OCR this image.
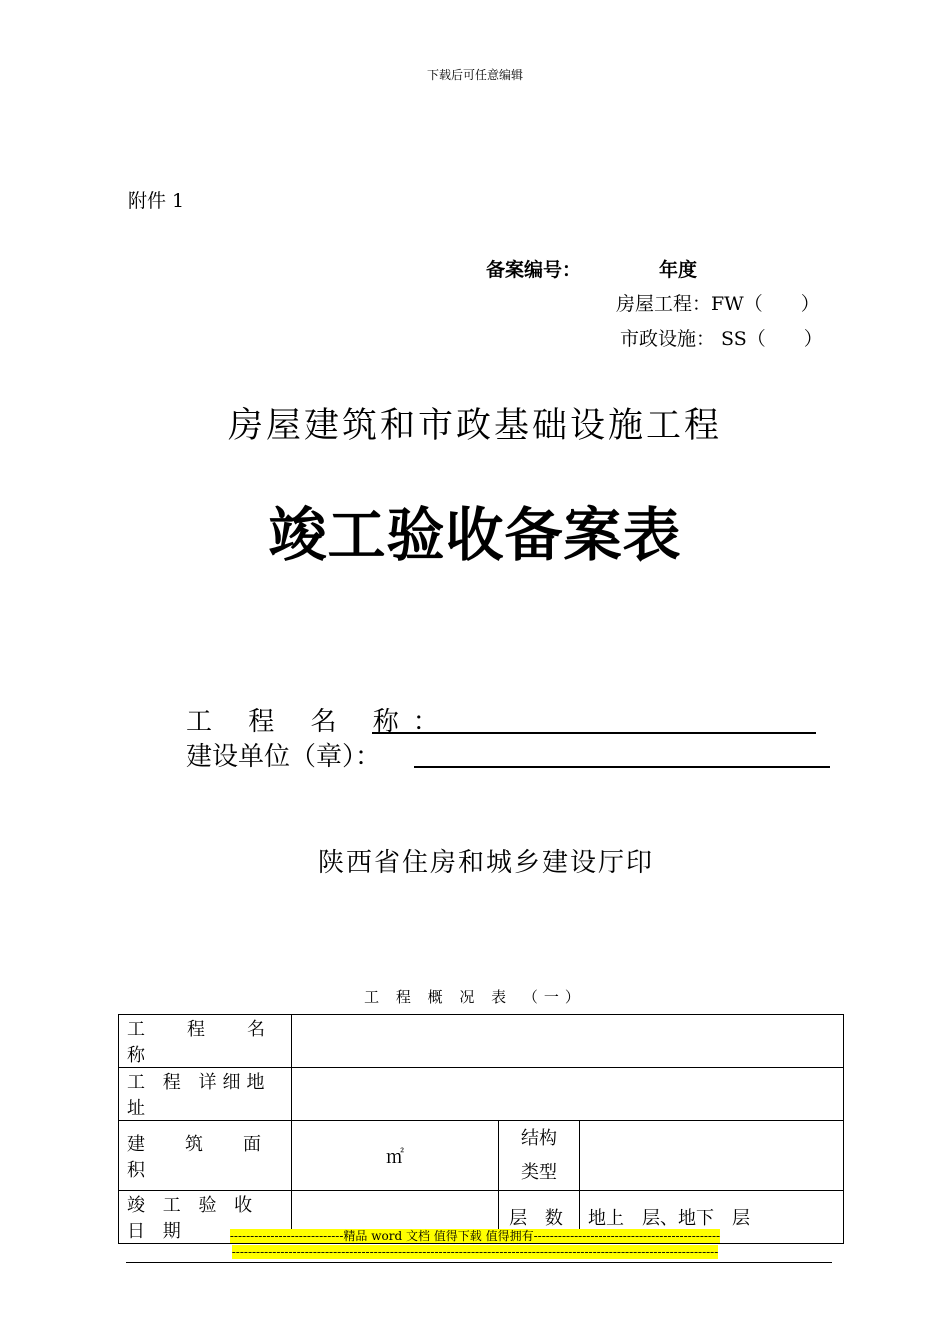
下载后可任意编辑
附件 1
备案编号：	年度
房屋工程：FW（　　）
市政设施： SS（　　）
房屋建筑和市政基础设施工程
竣工验收备案表
工 程 名 称：
建设单位（章）：
陕西省住房和城乡建设厅印
工 程 概 况 表 （一）
工　程　名　称			
工 程 详细地址			
建　筑　面　积	㎡	结构
类型	
竣 工 验 收 日 期		层 数	地上　层、地下　层
----------------------------精品 word 文档 值得下载 值得拥有----------------------------------------------
------------------------------------------------------------------------------------------------------------------------
